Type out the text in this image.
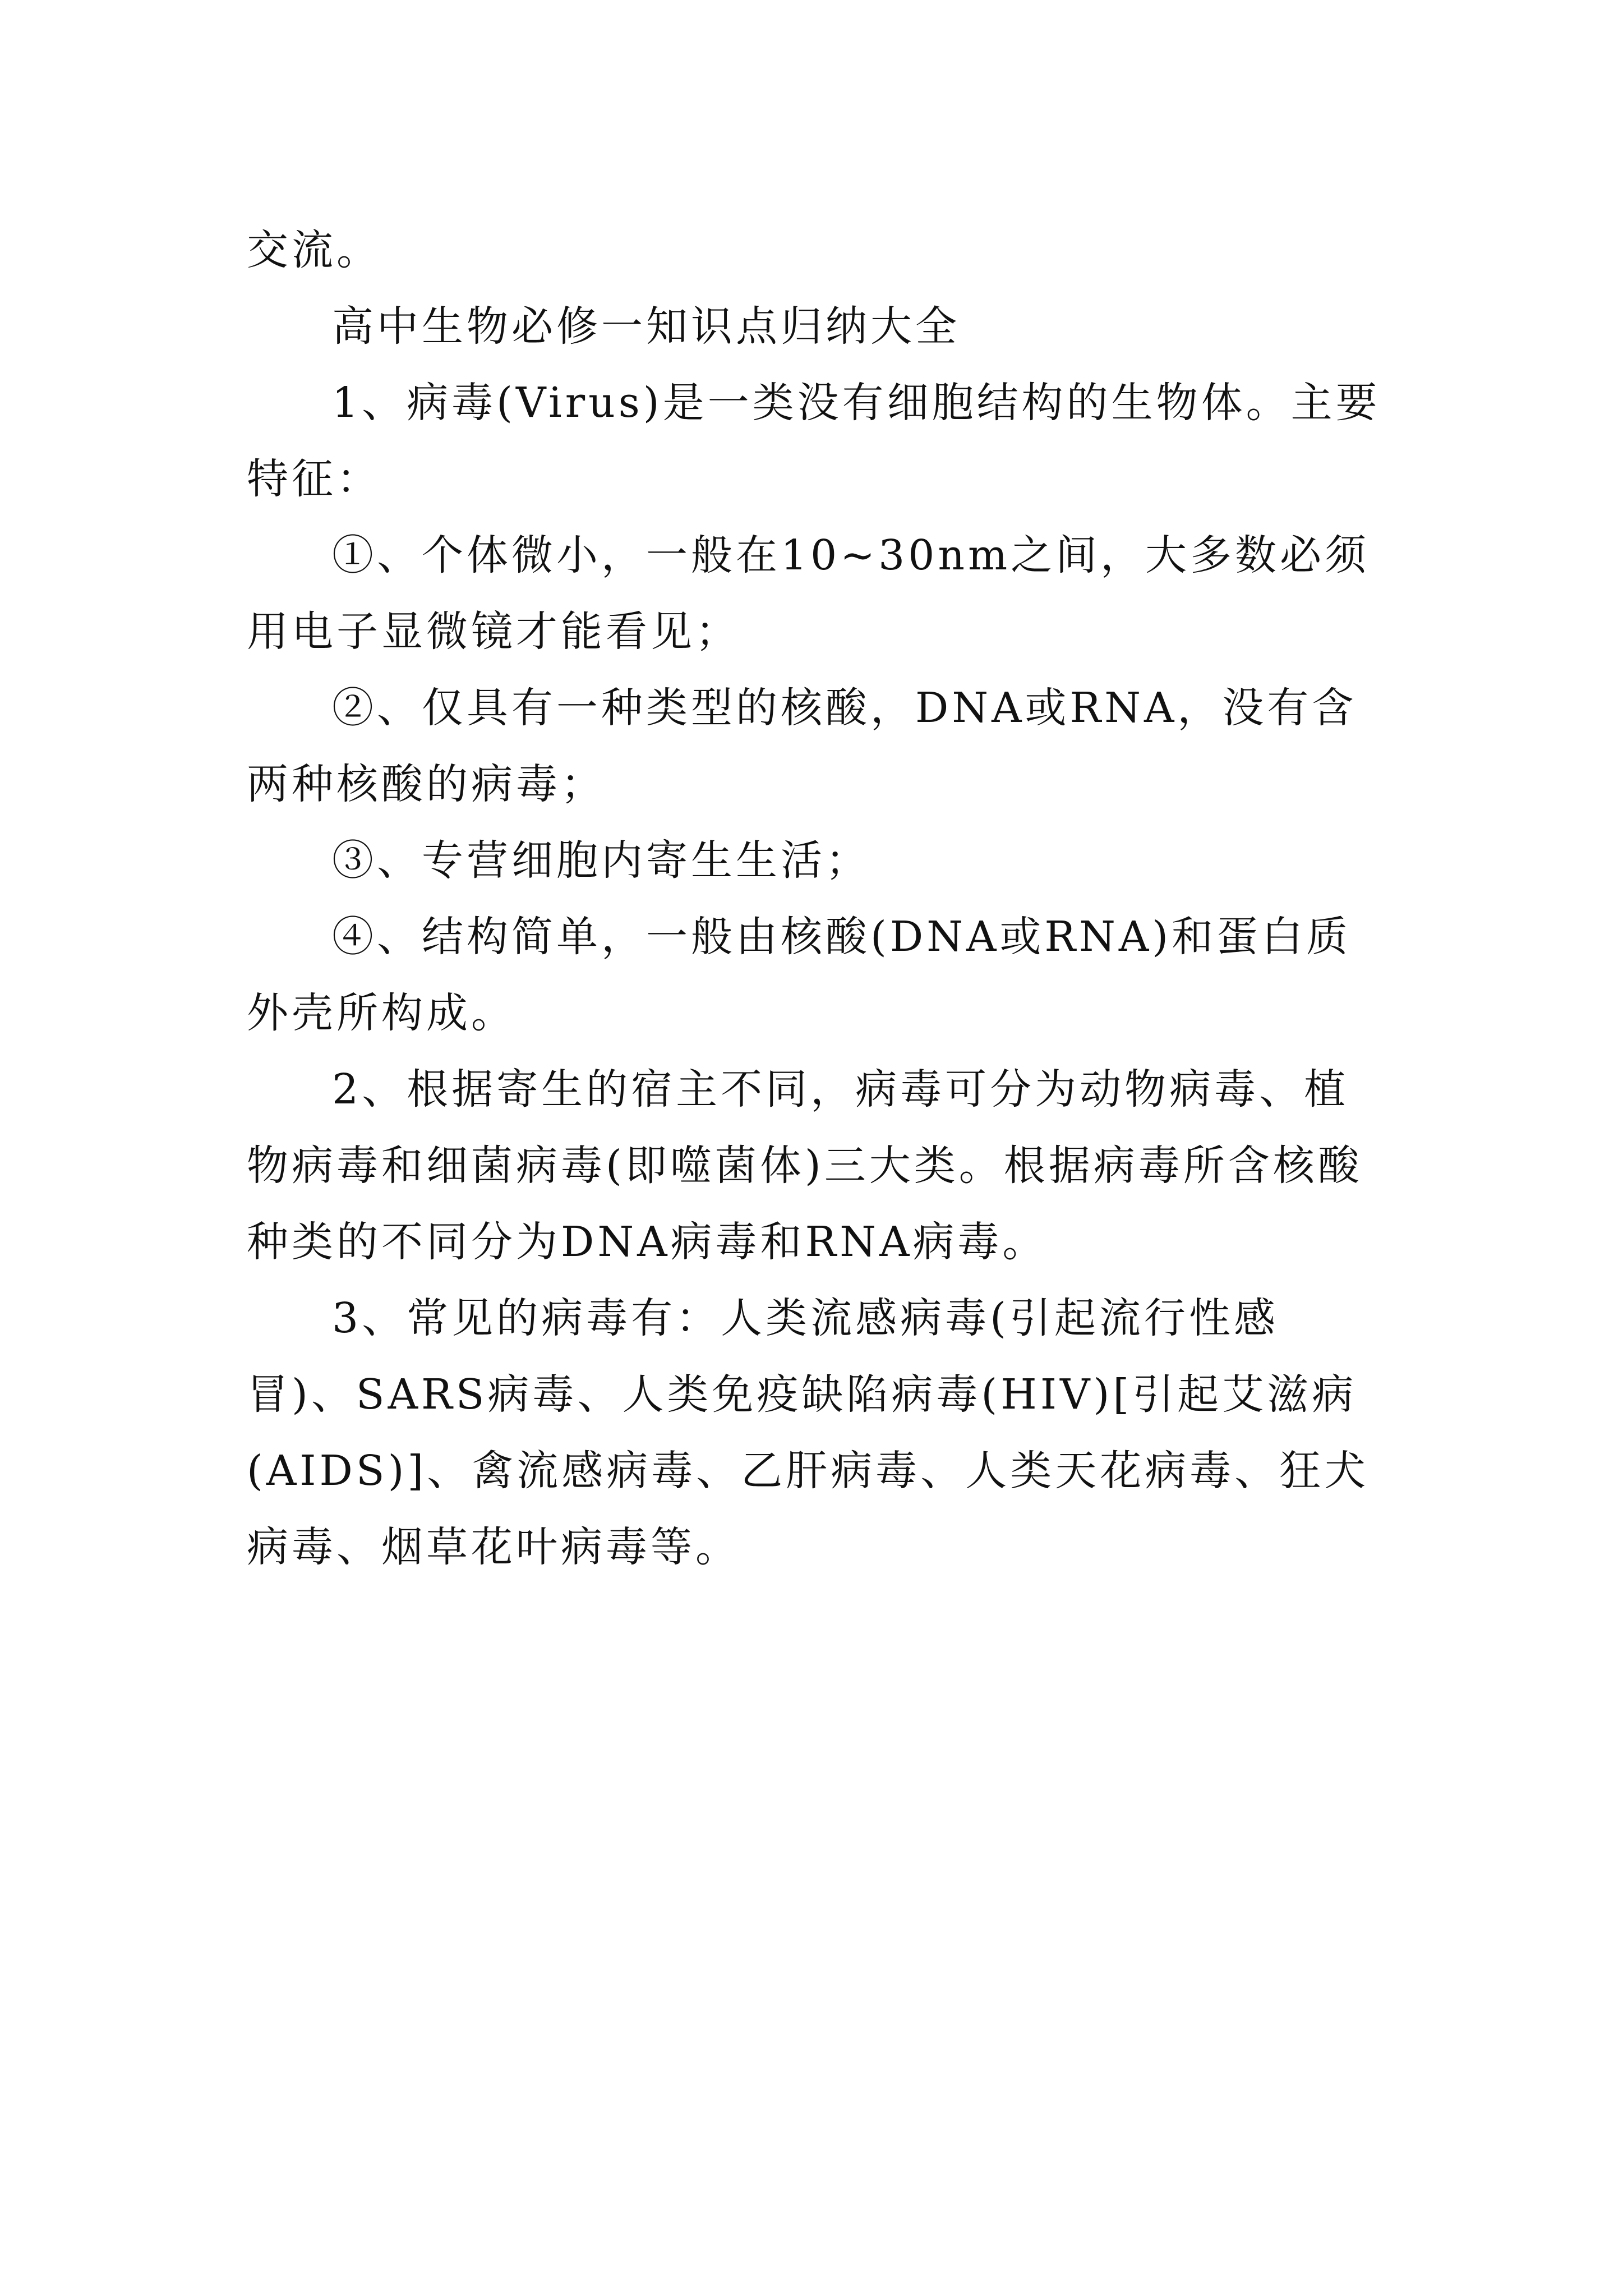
交流。

高中生物必修一知识点归纳大全

1、病毒(Virus)是一类没有细胞结构的生物体。主要特征：

①、个体微小，一般在10~30nm之间，大多数必须用电子显微镜才能看见；

②、仅具有一种类型的核酸，DNA或RNA，没有含两种核酸的病毒；

③、专营细胞内寄生生活；

④、结构简单，一般由核酸(DNA或RNA)和蛋白质外壳所构成。

2、根据寄生的宿主不同，病毒可分为动物病毒、植物病毒和细菌病毒(即噬菌体)三大类。根据病毒所含核酸种类的不同分为DNA病毒和RNA病毒。

3、常见的病毒有：人类流感病毒(引起流行性感冒)、SARS病毒、人类免疫缺陷病毒(HIV)[引起艾滋病(AIDS)]、禽流感病毒、乙肝病毒、人类天花病毒、狂犬病毒、烟草花叶病毒等。
